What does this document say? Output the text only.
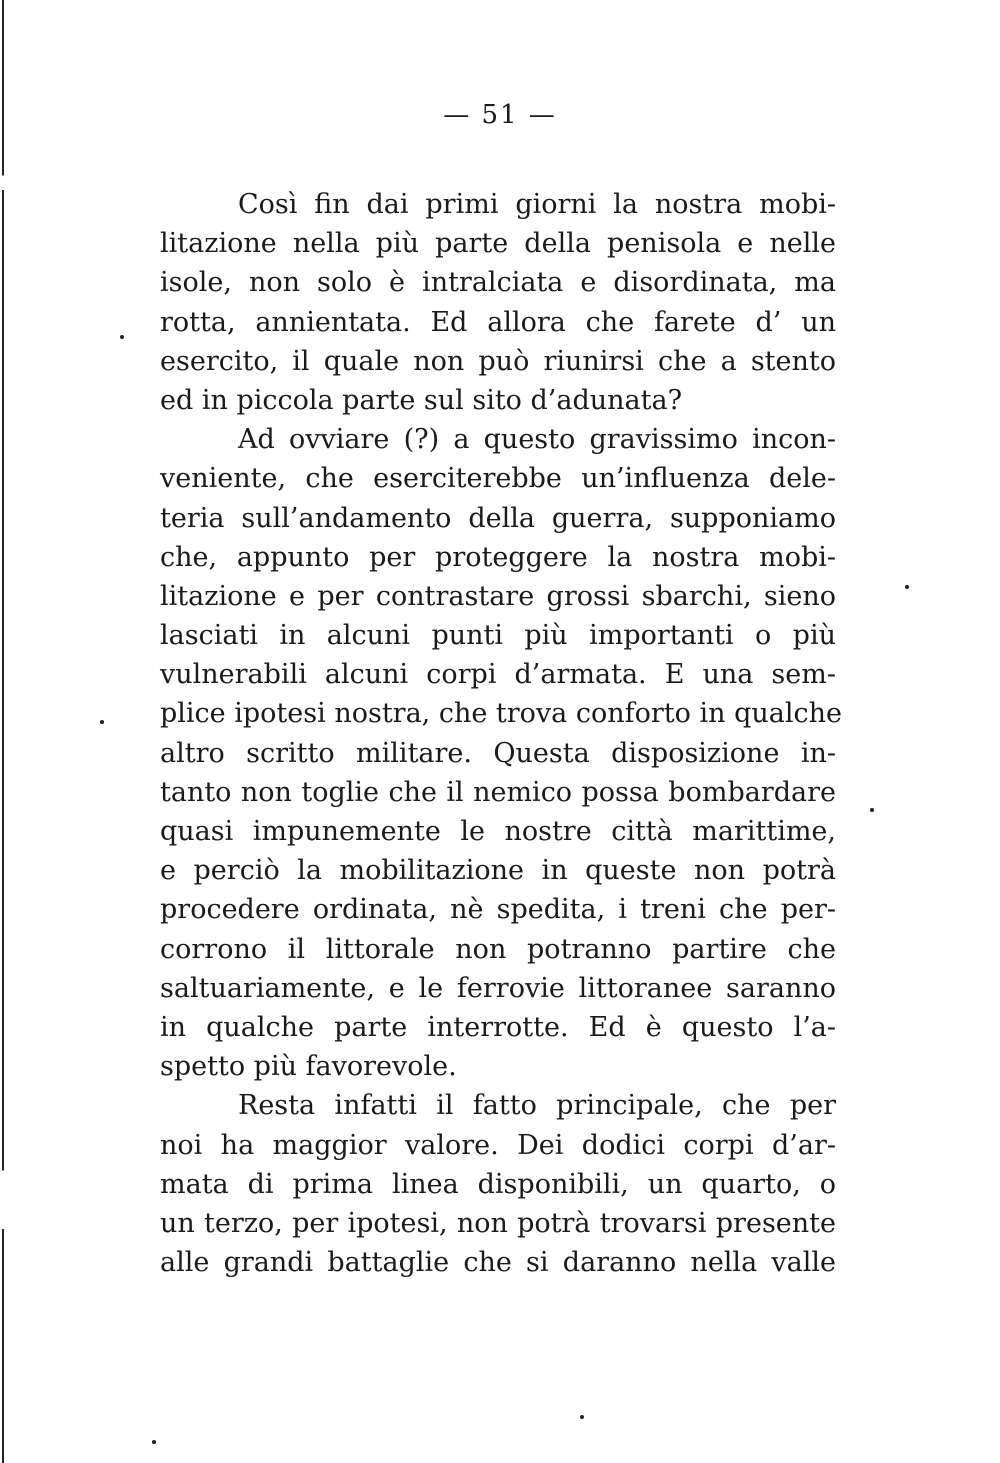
— 51 —
Così fin dai primi giorni la nostra mobi-
litazione nella più parte della penisola e nelle
isole, non solo è intralciata e disordinata, ma
rotta, annientata. Ed allora che farete d’ un
esercito, il quale non può riunirsi che a stento
ed in piccola parte sul sito d’adunata?
Ad ovviare (?) a questo gravissimo incon-
veniente, che eserciterebbe un’influenza dele-
teria sull’andamento della guerra, supponiamo
che, appunto per proteggere la nostra mobi-
litazione e per contrastare grossi sbarchi, sieno
lasciati in alcuni punti più importanti o più
vulnerabili alcuni corpi d’armata. E una sem-
plice ipotesi nostra, che trova conforto in qualche
altro scritto militare. Questa disposizione in-
tanto non toglie che il nemico possa bombardare
quasi impunemente le nostre città marittime,
e perciò la mobilitazione in queste non potrà
procedere ordinata, nè spedita, i treni che per-
corrono il littorale non potranno partire che
saltuariamente, e le ferrovie littoranee saranno
in qualche parte interrotte. Ed è questo l’a-
spetto più favorevole.
Resta infatti il fatto principale, che per
noi ha maggior valore. Dei dodici corpi d’ar-
mata di prima linea disponibili, un quarto, o
un terzo, per ipotesi, non potrà trovarsi presente
alle grandi battaglie che si daranno nella valle
